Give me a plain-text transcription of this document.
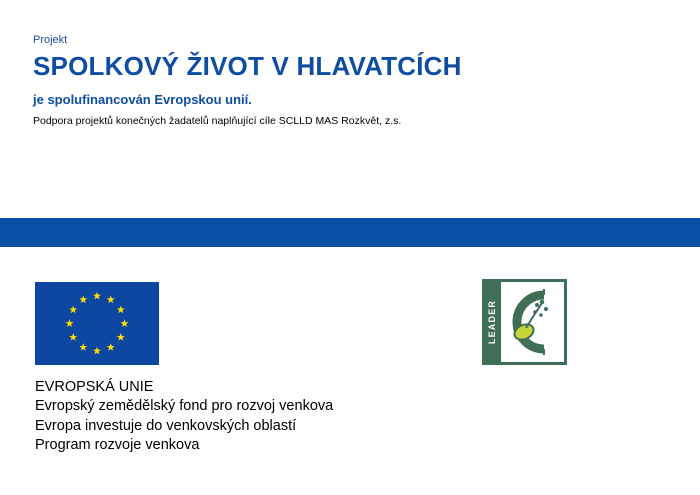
Projekt
SPOLKOVÝ ŽIVOT V HLAVATCÍCH
je spolufinancován Evropskou unií.
Podpora projektů konečných žadatelů naplňující cíle SCLLD MAS Rozkvět, z.s.
LEADER
EVROPSKÁ UNIE
Evropský zemědělský fond pro rozvoj venkova
Evropa investuje do venkovských oblastí
Program rozvoje venkova
